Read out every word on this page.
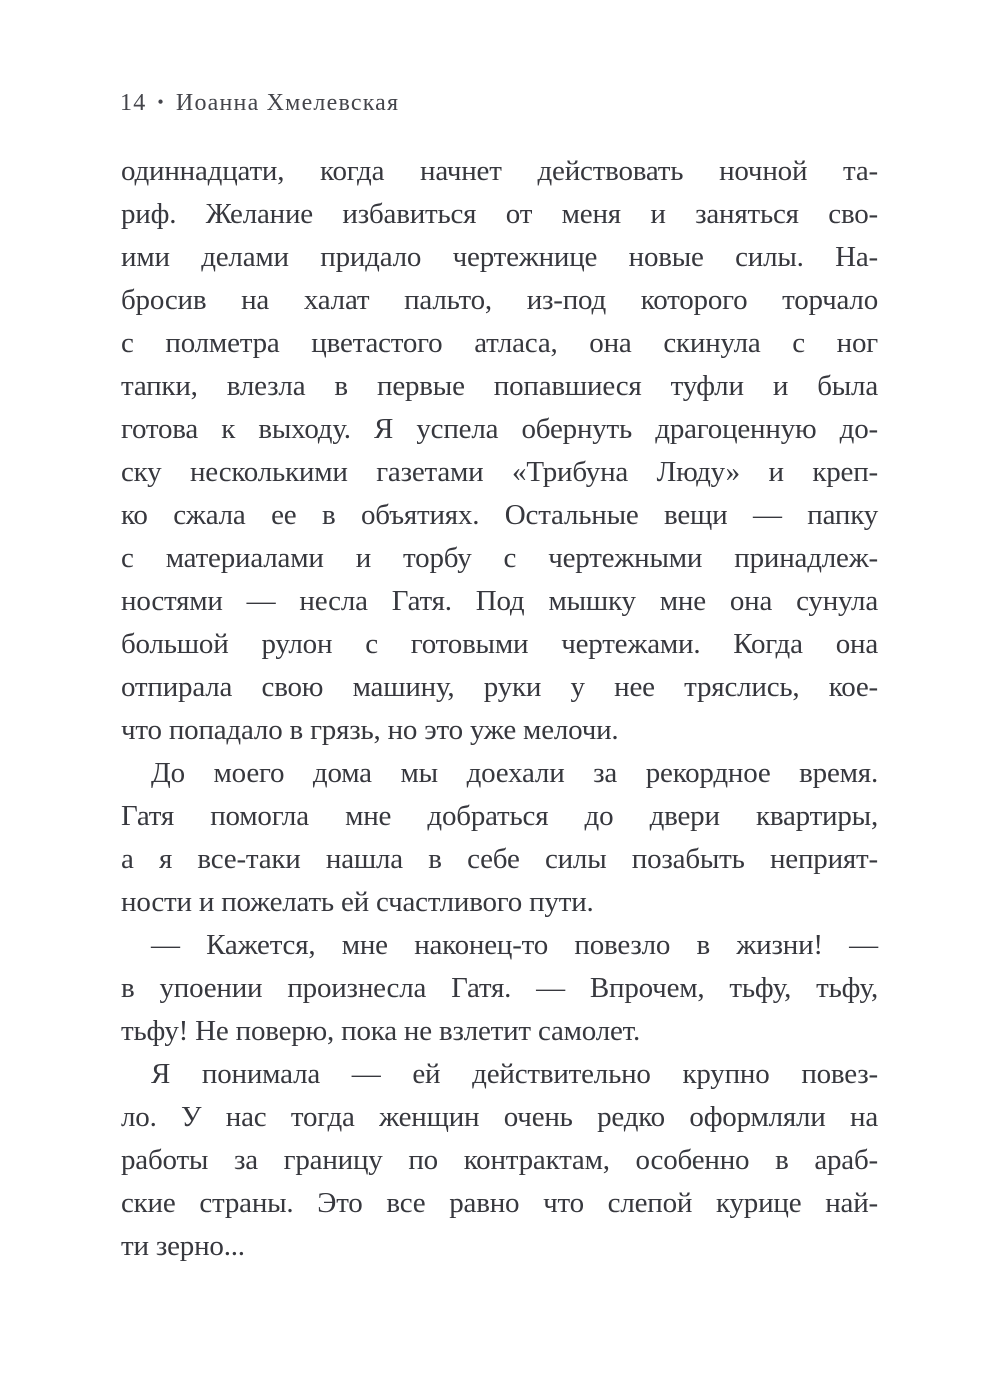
14 • Иоанна Хмелевская
одиннадцати, когда начнет действовать ночной та-
риф. Желание избавиться от меня и заняться сво-
ими делами придало чертежнице новые силы. На-
бросив на халат пальто, из-под которого торчало
с полметра цветастого атласа, она скинула с ног
тапки, влезла в первые попавшиеся туфли и была
готова к выходу. Я успела обернуть драгоценную до-
ску несколькими газетами «Трибуна Люду» и креп-
ко сжала ее в объятиях. Остальные вещи — папку
с материалами и торбу с чертежными принадлеж-
ностями — несла Гатя. Под мышку мне она сунула
большой рулон с готовыми чертежами. Когда она
отпирала свою машину, руки у нее тряслись, кое-
что попадало в грязь, но это уже мелочи.
До моего дома мы доехали за рекордное время.
Гатя помогла мне добраться до двери квартиры,
а я все-таки нашла в себе силы позабыть неприят-
ности и пожелать ей счастливого пути.
— Кажется, мне наконец-то повезло в жизни! —
в упоении произнесла Гатя. — Впрочем, тьфу, тьфу,
тьфу! Не поверю, пока не взлетит самолет.
Я понимала — ей действительно крупно повез-
ло. У нас тогда женщин очень редко оформляли на
работы за границу по контрактам, особенно в араб-
ские страны. Это все равно что слепой курице най-
ти зерно...
